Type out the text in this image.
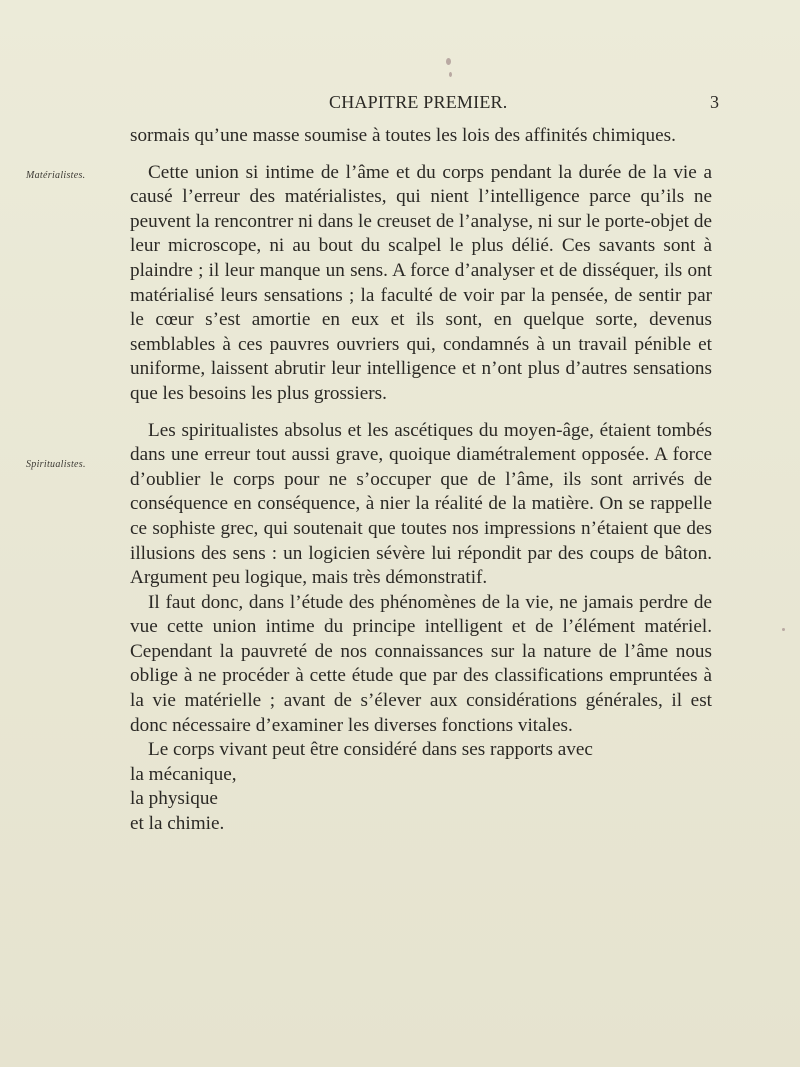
CHAPITRE PREMIER.	3
Matérialistes.
Spiritualistes.

sormais qu’une masse soumise à toutes les lois des affinités chimiques.

Cette union si intime de l’âme et du corps pendant la durée de la vie a causé l’erreur des matérialistes, qui nient l’intelligence parce qu’ils ne peuvent la rencontrer ni dans le creuset de l’analyse, ni sur le porte-objet de leur microscope, ni au bout du scalpel le plus délié. Ces savants sont à plaindre ; il leur manque un sens. A force d’analyser et de disséquer, ils ont matérialisé leurs sensations ; la faculté de voir par la pensée, de sentir par le cœur s’est amortie en eux et ils sont, en quelque sorte, devenus semblables à ces pauvres ouvriers qui, condamnés à un travail pénible et uniforme, laissent abrutir leur intelligence et n’ont plus d’autres sensations que les besoins les plus grossiers.

Les spiritualistes absolus et les ascétiques du moyen-âge, étaient tombés dans une erreur tout aussi grave, quoique diamétralement opposée. A force d’oublier le corps pour ne s’occuper que de l’âme, ils sont arrivés de conséquence en conséquence, à nier la réalité de la matière. On se rappelle ce sophiste grec, qui soutenait que toutes nos impressions n’étaient que des illusions des sens : un logicien sévère lui répondit par des coups de bâton. Argument peu logique, mais très démonstratif.

Il faut donc, dans l’étude des phénomènes de la vie, ne jamais perdre de vue cette union intime du principe intelligent et de l’élément matériel. Cependant la pauvreté de nos connaissances sur la nature de l’âme nous oblige à ne procéder à cette étude que par des classifications empruntées à la vie matérielle ; avant de s’élever aux considérations générales, il est donc nécessaire d’examiner les diverses fonctions vitales.

Le corps vivant peut être considéré dans ses rapports avec

la mécanique,

la physique

et la chimie.
